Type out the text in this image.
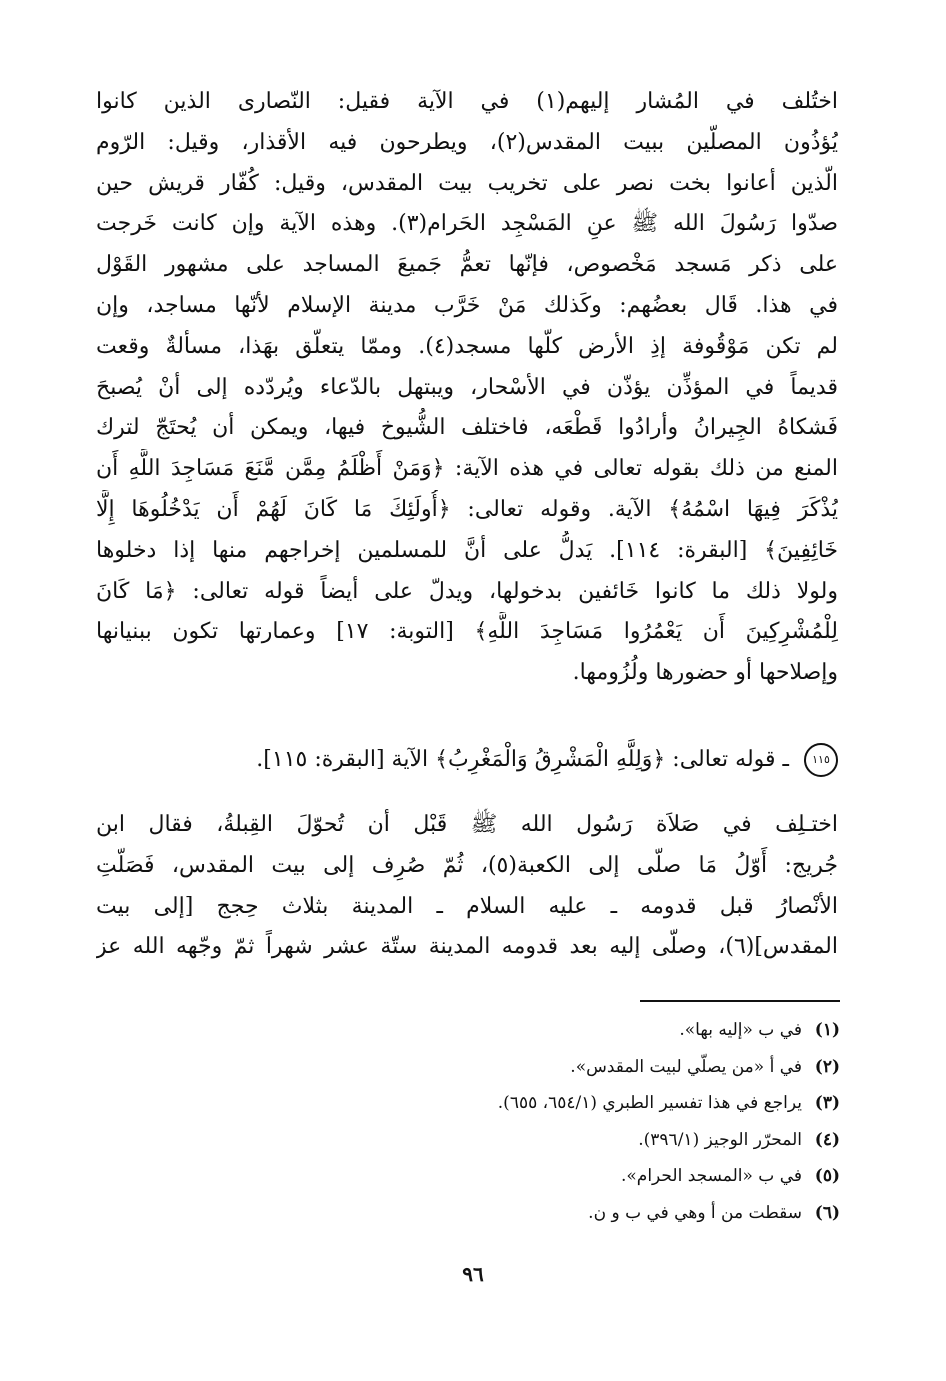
اختُلف في المُشار إليهم(١) في الآية فقيل: النّصارى الذين كانوا
يُؤذُون المصلّين ببيت المقدس(٢)، ويطرحون فيه الأقذار، وقيل: الرّوم
الّذين أعانوا بخت نصر على تخريب بيت المقدس، وقيل: كُفّار قريش حين
صدّوا رَسُولَ الله ﷺ عنِ المَسْجِد الحَرام(٣). وهذه الآية وإن كانت خَرجت
على ذكر مَسجد مَخْصوص، فإنّها تعمُّ جَميعَ المساجد على مشهور القَوْل
في هذا. قَال بعضُهم: وكَذلك مَنْ خَرَّب مدينة الإسلام لأنّها مساجد، وإن
لم تكن مَوْقُوفة إذِ الأرض كلّها مسجد(٤). وممّا يتعلّق بهَذا، مسألةٌ وقعت
قديماً في المؤذِّن يؤذّن في الأسْحار، ويبتهل بالدّعاء ويُردّده إلى أنْ يُصبحَ
فَشكاهُ الجِيرانُ وأرادُوا قَطْعَه، فاختلف الشُّيوخ فيها، ويمكن أن يُحتَجّ لترك
المنع من ذلك بقوله تعالى في هذه الآية: ﴿وَمَنْ أَظْلَمُ مِمَّن مَّنَعَ مَسَاجِدَ اللَّهِ أَن
يُذْكَرَ فِيهَا اسْمُهُ﴾ الآية. وقوله تعالى: ﴿أُولَئِكَ مَا كَانَ لَهُمْ أَن يَدْخُلُوهَا إِلَّا
خَائِفِينَ﴾ [البقرة: ١١٤]. يَدلُّ على أنَّ للمسلمين إخراجهم منها إذا دخلوها
ولولا ذلك ما كانوا خَائفين بدخولها، ويدلّ على أيضاً قوله تعالى: ﴿مَا كَانَ
لِلْمُشْرِكِينَ أَن يَعْمُرُوا مَسَاجِدَ اللَّهِ﴾ [التوبة: ١٧] وعمارتها تكون ببنيانها
وإصلاحها أو حضورها ولُزُومها.
١١٥ ـ قوله تعالى: ﴿وَلِلَّهِ الْمَشْرِقُ وَالْمَغْرِبُ﴾ الآية [البقرة: ١١٥].
اختـلِف في صَلاَة رَسُول الله ﷺ قَبْل أن تُحوّلَ القِبلةُ، فقال ابن
جُريج: أَوّلُ مَا صلّى إلى الكعبة(٥)، ثُمّ صُرِف إلى بيت المقدس، فَصَلّتِ
الأنْصارُ قبل قدومه ـ عليه السلام ـ المدينة بثلاث حِجج [إلى بيت
المقدس](٦)، وصلّى إليه بعد قدومه المدينة ستّة عشر شهراً ثمّ وجّهه الله عز
(١)في ب «إليه بها».
(٢)في أ «من يصلّي لبيت المقدس».
(٣)يراجع في هذا تفسير الطبري (٦٥٤/١، ٦٥٥).
(٤)المحرّر الوجيز (٣٩٦/١).
(٥)في ب «المسجد الحرام».
(٦)سقطت من أ وهي في ب و ن.
٩٦
